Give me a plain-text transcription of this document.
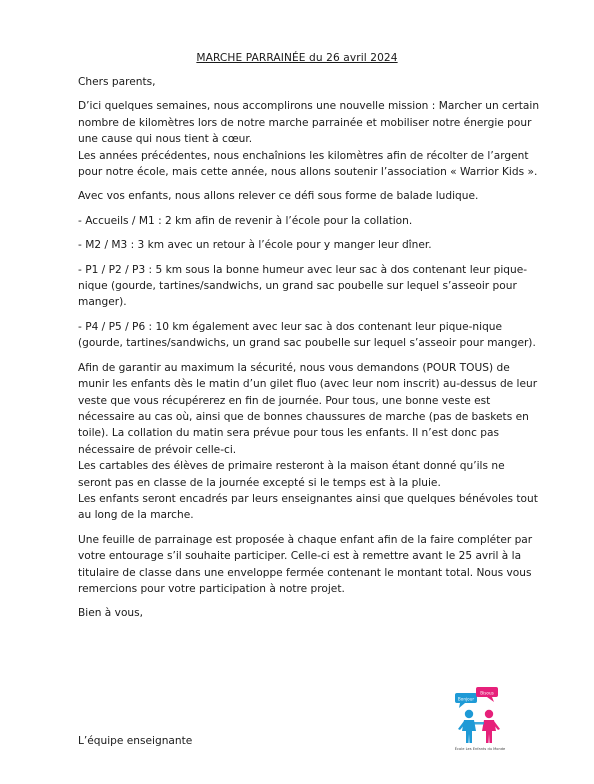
MARCHE PARRAINÉE du 26 avril 2024

Chers parents,

D’ici quelques semaines, nous accomplirons une nouvelle mission : Marcher un certain nombre de kilomètres lors de notre marche parrainée et mobiliser notre énergie pour une cause qui nous tient à cœur.

Les années précédentes, nous enchaînions les kilomètres afin de récolter de l’argent pour notre école, mais cette année, nous allons soutenir l’association « Warrior Kids ».

Avec vos enfants, nous allons relever ce défi sous forme de balade ludique.

- Accueils / M1 : 2 km afin de revenir à l’école pour la collation.

- M2 / M3 : 3 km avec un retour à l’école pour y manger leur dîner.

- P1 / P2 / P3 : 5 km sous la bonne humeur avec leur sac à dos contenant leur pique-nique (gourde, tartines/sandwichs, un grand sac poubelle sur lequel s’asseoir pour manger).

- P4 / P5 / P6 : 10 km également avec leur sac à dos contenant leur pique-nique (gourde, tartines/sandwichs, un grand sac poubelle sur lequel s’asseoir pour manger).

Afin de garantir au maximum la sécurité, nous vous demandons (POUR TOUS) de munir les enfants dès le matin d’un gilet fluo (avec leur nom inscrit) au-dessus de leur veste que vous récupérerez en fin de journée. Pour tous, une bonne veste est nécessaire au cas où, ainsi que de bonnes chaussures de marche (pas de baskets en toile). La collation du matin sera prévue pour tous les enfants. Il n’est donc pas nécessaire de prévoir celle-ci.

Les cartables des élèves de primaire resteront à la maison étant donné qu’ils ne seront pas en classe de la journée excepté si le temps est à la pluie.

Les enfants seront encadrés par leurs enseignantes ainsi que quelques bénévoles tout au long de la marche.

Une feuille de parrainage est proposée à chaque enfant afin de la faire compléter par votre entourage s’il souhaite participer. Celle-ci est à remettre avant le 25 avril à la titulaire de classe dans une enveloppe fermée contenant le montant total. Nous vous remercions pour votre participation à notre projet.

Bien à vous,

Bonjour
Bisous
École Les Enfants du Monde
L’équipe enseignante
